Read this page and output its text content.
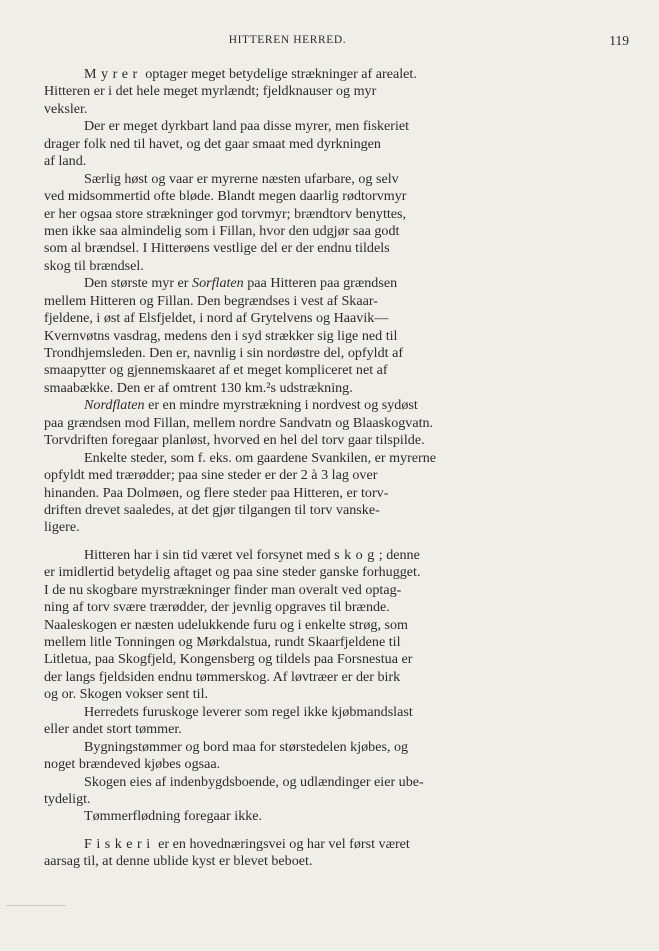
HITTEREN HERRED.	119
Myrer optager meget betydelige strækninger af arealet.
Hitteren er i det hele meget myrlændt; fjeldknauser og myr
veksler.
Der er meget dyrkbart land paa disse myrer, men fiskeriet
drager folk ned til havet, og det gaar smaat med dyrkningen
af land.
Særlig høst og vaar er myrerne næsten ufarbare, og selv
ved midsommertid ofte bløde. Blandt megen daarlig rødtorvmyr
er her ogsaa store strækninger god torvmyr; brændtorv benyttes,
men ikke saa almindelig som i Fillan, hvor den udgjør saa godt
som al brændsel. I Hitterøens vestlige del er der endnu tildels
skog til brændsel.
Den største myr er Sorflaten paa Hitteren paa grændsen
mellem Hitteren og Fillan. Den begrændses i vest af Skaar-
fjeldene, i øst af Elsfjeldet, i nord af Grytelvens og Haavik—
Kvernvøtns vasdrag, medens den i syd strækker sig lige ned til
Trondhjemsleden. Den er, navnlig i sin nordøstre del, opfyldt af
smaapytter og gjennemskaaret af et meget kompliceret net af
smaabække. Den er af omtrent 130 km.²s udstrækning.
Nordflaten er en mindre myrstrækning i nordvest og sydøst
paa grændsen mod Fillan, mellem nordre Sandvatn og Blaaskogvatn.
Torvdriften foregaar planløst, hvorved en hel del torv gaar tilspilde.
Enkelte steder, som f. eks. om gaardene Svankilen, er myrerne
opfyldt med trærødder; paa sine steder er der 2 à 3 lag over
hinanden. Paa Dolmøen, og flere steder paa Hitteren, er torv-
driften drevet saaledes, at det gjør tilgangen til torv vanske-
ligere.
Hitteren har i sin tid været vel forsynet med skog; denne
er imidlertid betydelig aftaget og paa sine steder ganske forhugget.
I de nu skogbare myrstrækninger finder man overalt ved optag-
ning af torv svære trærødder, der jevnlig opgraves til brænde.
Naaleskogen er næsten udelukkende furu og i enkelte strøg, som
mellem litle Tonningen og Mørkdalstua, rundt Skaarfjeldene til
Litletua, paa Skogfjeld, Kongensberg og tildels paa Forsnestua er
der langs fjeldsiden endnu tømmerskog. Af løvtræer er der birk
og or. Skogen vokser sent til.
Herredets furuskoge leverer som regel ikke kjøbmandslast
eller andet stort tømmer.
Bygningstømmer og bord maa for størstedelen kjøbes, og
noget brændeved kjøbes ogsaa.
Skogen eies af indenbygdsboende, og udlændinger eier ube-
tydeligt.
Tømmerflødning foregaar ikke.
Fiskeri er en hovednæringsvei og har vel først været
aarsag til, at denne ublide kyst er blevet beboet.
